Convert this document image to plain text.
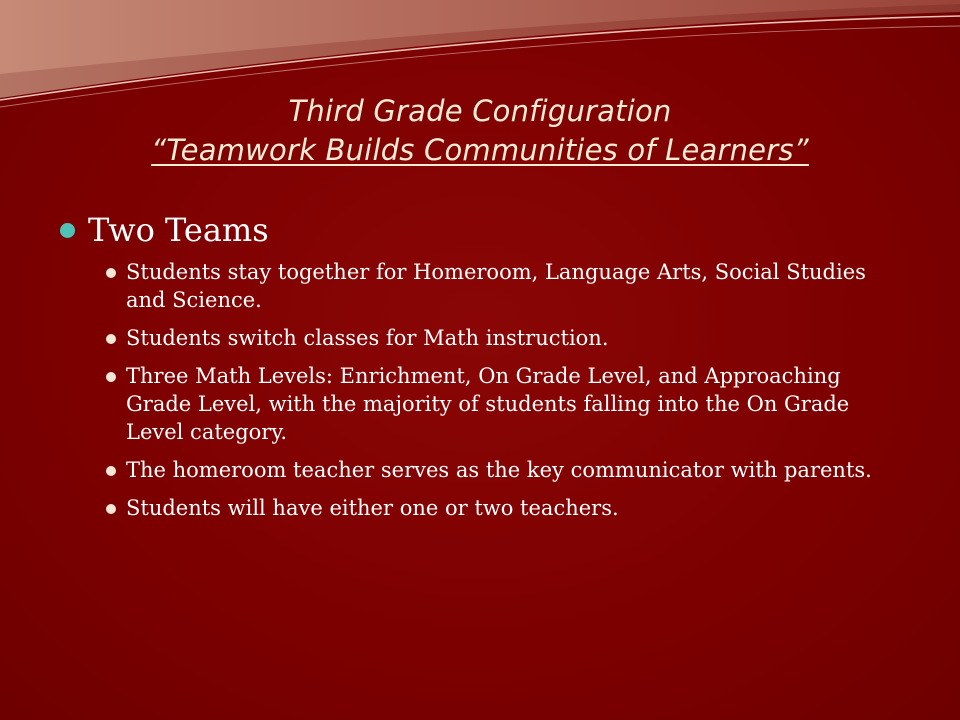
Third Grade Configuration
“Teamwork Builds Communities of Learners”
Two Teams
Students stay together for Homeroom, Language Arts, Social Studies and Science.
Students switch classes for Math instruction.
Three Math Levels: Enrichment, On Grade Level, and Approaching Grade Level, with the majority of students falling into the On Grade Level category.
The homeroom teacher serves as the key communicator with parents.
Students will have either one or two teachers.
